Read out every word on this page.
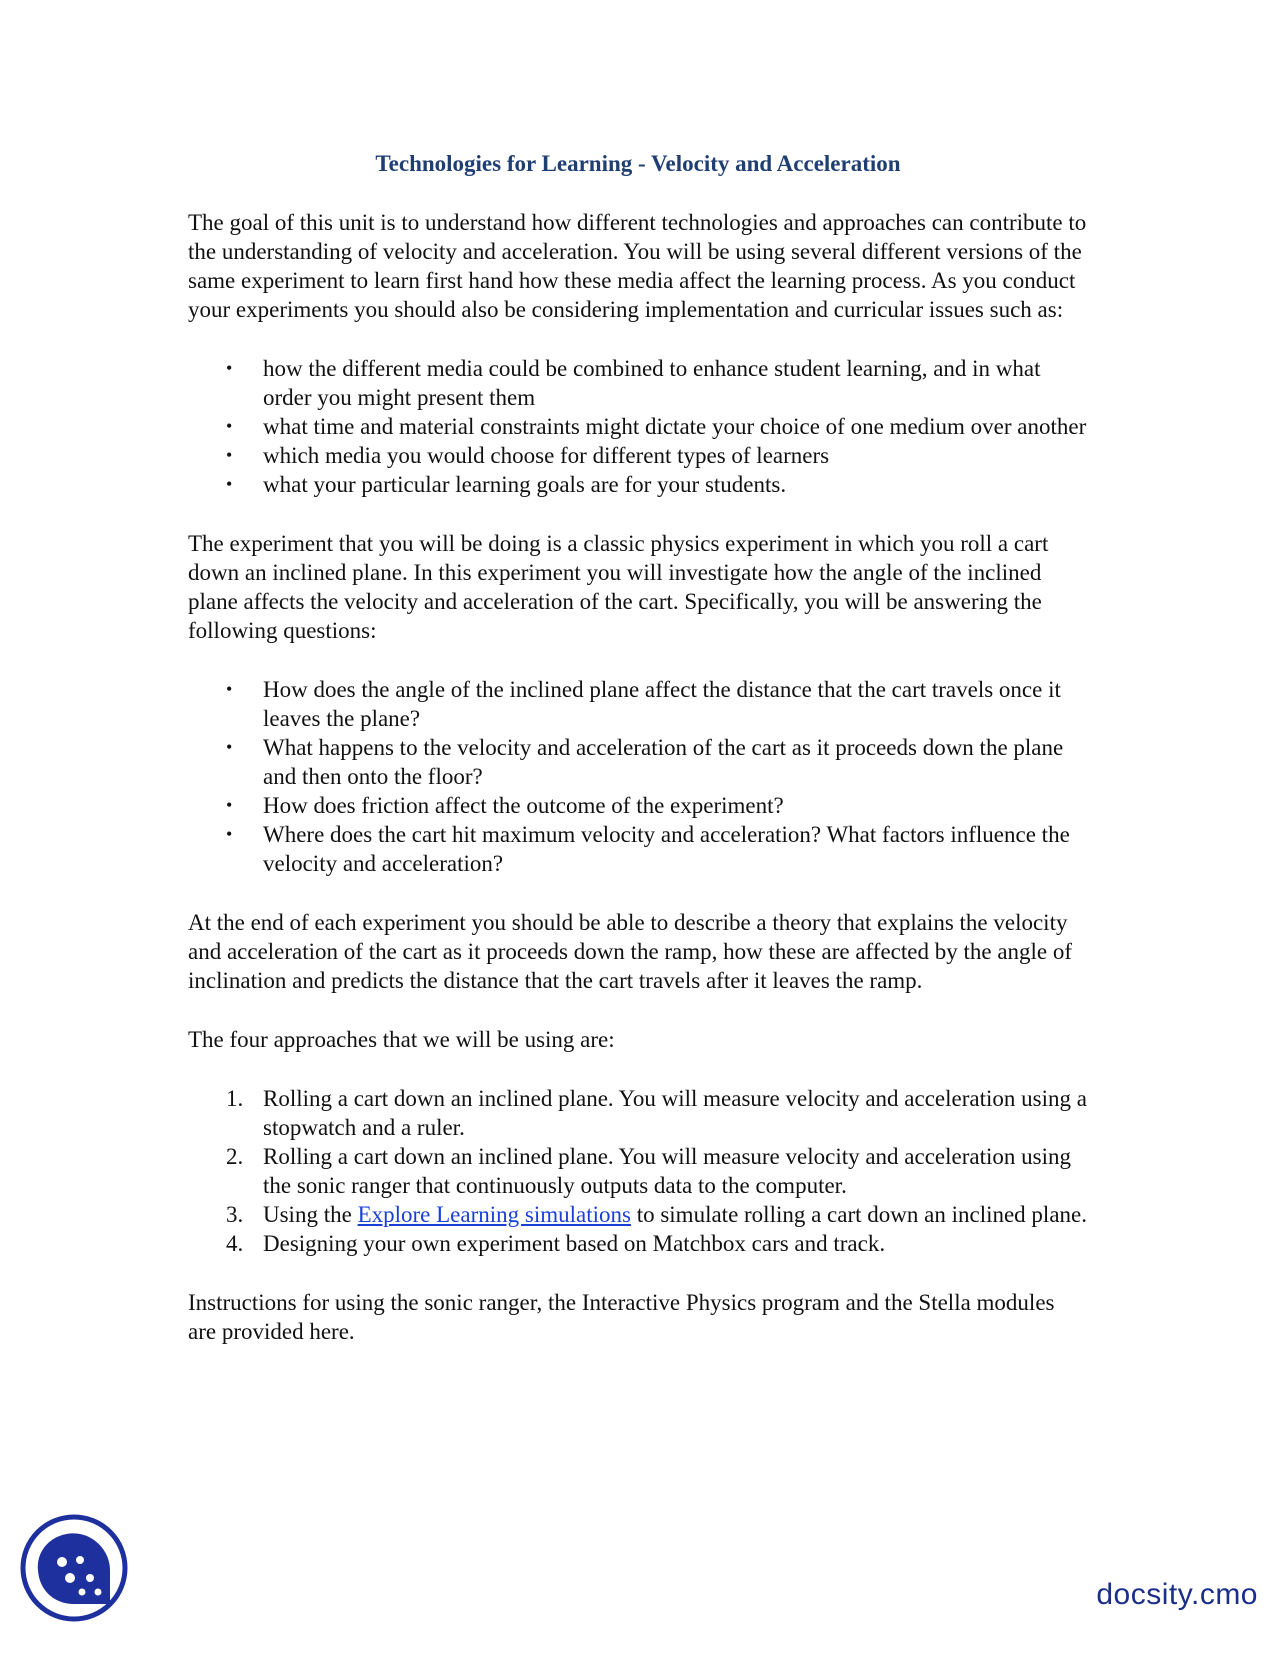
Technologies for Learning - Velocity and Acceleration

The goal of this unit is to understand how different technologies and approaches can contribute to the understanding of velocity and acceleration. You will be using several different versions of the same experiment to learn first hand how these media affect the learning process. As you conduct your experiments you should also be considering implementation and curricular issues such as:

• how the different media could be combined to enhance student learning, and in what order you might present them
• what time and material constraints might dictate your choice of one medium over another
• which media you would choose for different types of learners
• what your particular learning goals are for your students.

The experiment that you will be doing is a classic physics experiment in which you roll a cart down an inclined plane. In this experiment you will investigate how the angle of the inclined plane affects the velocity and acceleration of the cart. Specifically, you will be answering the following questions:

• How does the angle of the inclined plane affect the distance that the cart travels once it leaves the plane?
• What happens to the velocity and acceleration of the cart as it proceeds down the plane and then onto the floor?
• How does friction affect the outcome of the experiment?
• Where does the cart hit maximum velocity and acceleration? What factors influence the velocity and acceleration?

At the end of each experiment you should be able to describe a theory that explains the velocity and acceleration of the cart as it proceeds down the ramp, how these are affected by the angle of inclination and predicts the distance that the cart travels after it leaves the ramp.

The four approaches that we will be using are:

1. Rolling a cart down an inclined plane. You will measure velocity and acceleration using a stopwatch and a ruler.
2. Rolling a cart down an inclined plane. You will measure velocity and acceleration using the sonic ranger that continuously outputs data to the computer.
3. Using the Explore Learning simulations to simulate rolling a cart down an inclined plane.
4. Designing your own experiment based on Matchbox cars and track.

Instructions for using the sonic ranger, the Interactive Physics program and the Stella modules are provided here.

docsity.cmo
